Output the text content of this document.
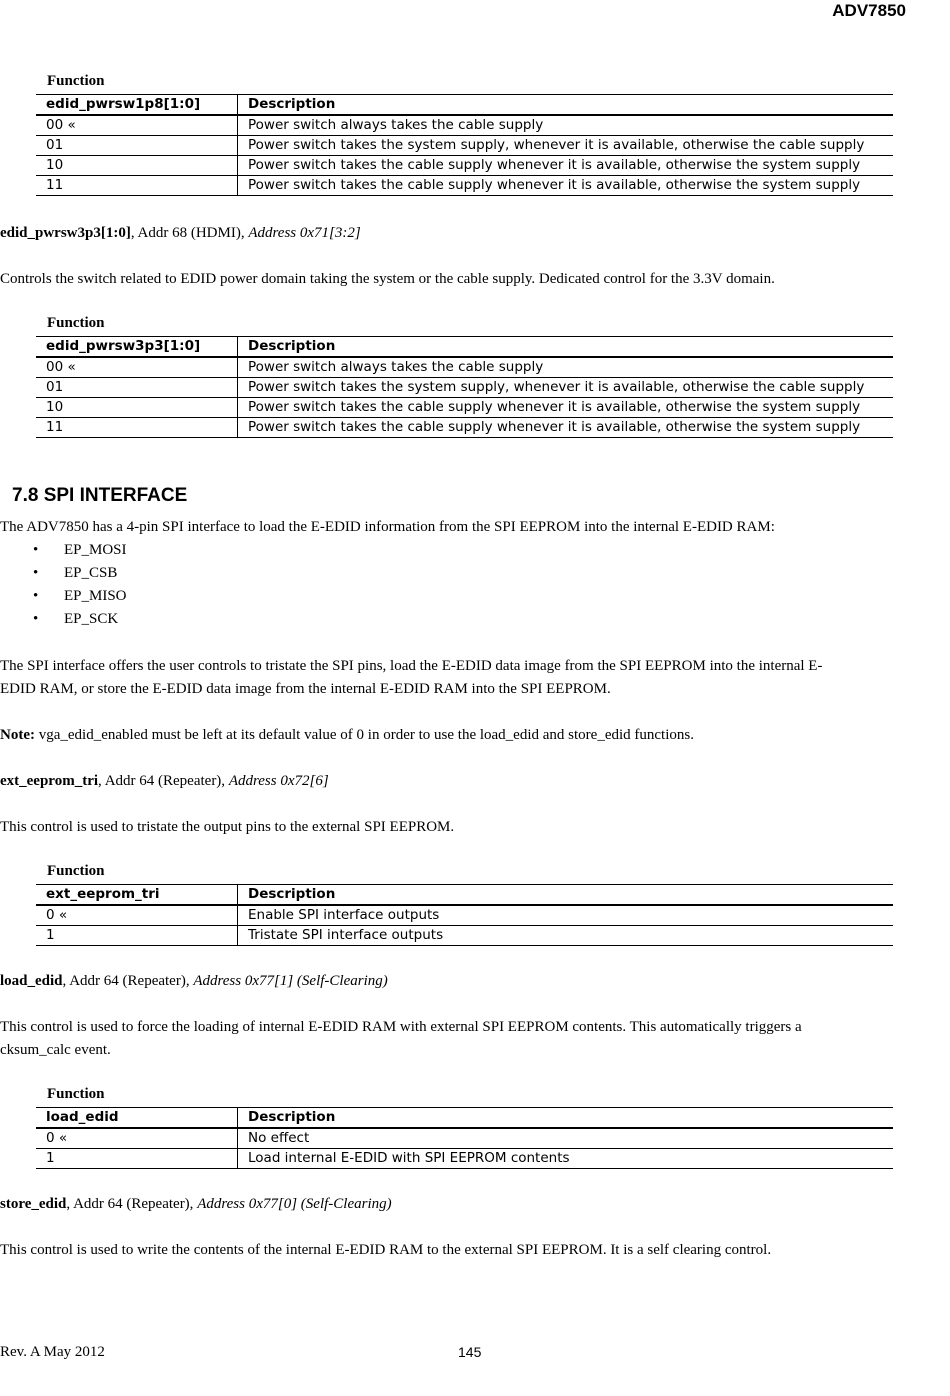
ADV7850
Function
edid_pwrsw1p8[1:0]	Description
00 «	Power switch always takes the cable supply
01	Power switch takes the system supply, whenever it is available, otherwise the cable supply
10	Power switch takes the cable supply whenever it is available, otherwise the system supply
11	Power switch takes the cable supply whenever it is available, otherwise the system supply
edid_pwrsw3p3[1:0], Addr 68 (HDMI), Address 0x71[3:2]
Controls the switch related to EDID power domain taking the system or the cable supply. Dedicated control for the 3.3V domain.
Function
edid_pwrsw3p3[1:0]	Description
00 «	Power switch always takes the cable supply
01	Power switch takes the system supply, whenever it is available, otherwise the cable supply
10	Power switch takes the cable supply whenever it is available, otherwise the system supply
11	Power switch takes the cable supply whenever it is available, otherwise the system supply
7.8 SPI INTERFACE
The ADV7850 has a 4-pin SPI interface to load the E-EDID information from the SPI EEPROM into the internal E-EDID RAM:
• EP_MOSI
• EP_CSB
• EP_MISO
• EP_SCK
The SPI interface offers the user controls to tristate the SPI pins, load the E-EDID data image from the SPI EEPROM into the internal E-
EDID RAM, or store the E-EDID data image from the internal E-EDID RAM into the SPI EEPROM.
Note: vga_edid_enabled must be left at its default value of 0 in order to use the load_edid and store_edid functions.
ext_eeprom_tri, Addr 64 (Repeater), Address 0x72[6]
This control is used to tristate the output pins to the external SPI EEPROM.
Function
ext_eeprom_tri	Description
0 «	Enable SPI interface outputs
1	Tristate SPI interface outputs
load_edid, Addr 64 (Repeater), Address 0x77[1] (Self-Clearing)
This control is used to force the loading of internal E-EDID RAM with external SPI EEPROM contents. This automatically triggers a
cksum_calc event.
Function
load_edid	Description
0 «	No effect
1	Load internal E-EDID with SPI EEPROM contents
store_edid, Addr 64 (Repeater), Address 0x77[0] (Self-Clearing)
This control is used to write the contents of the internal E-EDID RAM to the external SPI EEPROM. It is a self clearing control.
Rev. A May 2012	145
